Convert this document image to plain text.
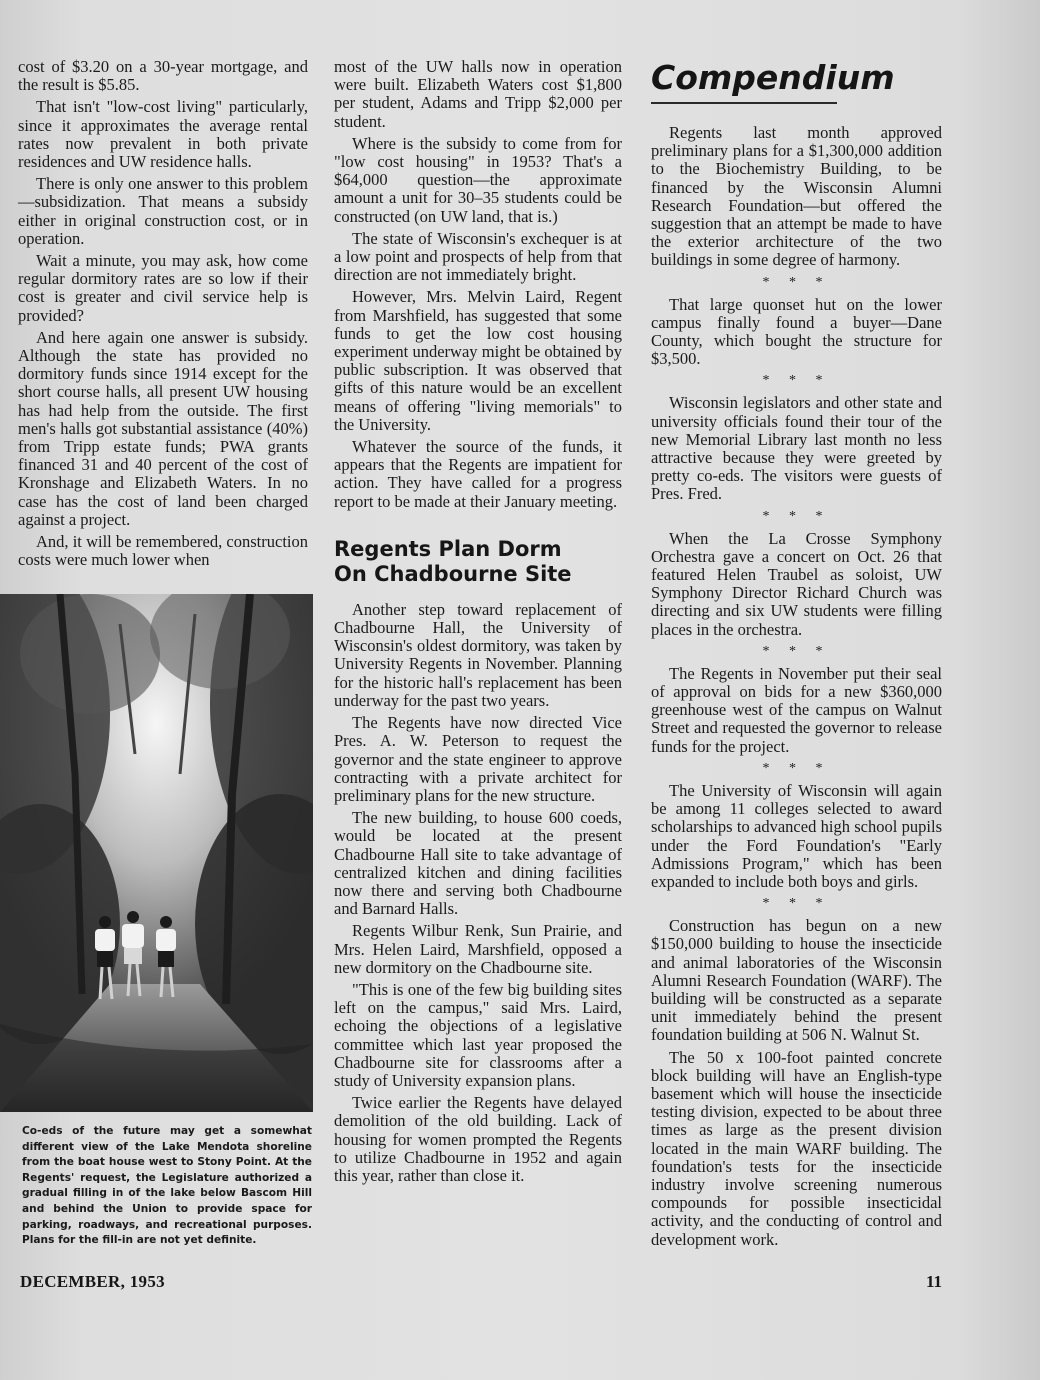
cost of $3.20 on a 30-year mortgage, and the result is $5.85.

That isn't "low-cost living" particularly, since it approximates the average rental rates now prevalent in both private residences and UW residence halls.

There is only one answer to this problem—subsidization. That means a subsidy either in original construction cost, or in operation.

Wait a minute, you may ask, how come regular dormitory rates are so low if their cost is greater and civil service help is provided?

And here again one answer is subsidy. Although the state has provided no dormitory funds since 1914 except for the short course halls, all present UW housing has had help from the outside. The first men's halls got substantial assistance (40%) from Tripp estate funds; PWA grants financed 31 and 40 percent of the cost of Kronshage and Elizabeth Waters. In no case has the cost of land been charged against a project.

And, it will be remembered, construction costs were much lower when

Co-eds of the future may get a somewhat different view of the Lake Mendota shoreline from the boat house west to Stony Point. At the Regents' request, the Legislature authorized a gradual filling in of the lake below Bascom Hill and behind the Union to provide space for parking, roadways, and recreational purposes. Plans for the fill-in are not yet definite.

most of the UW halls now in operation were built. Elizabeth Waters cost $1,800 per student, Adams and Tripp $2,000 per student.

Where is the subsidy to come from for "low cost housing" in 1953? That's a $64,000 question—the approximate amount a unit for 30–35 students could be constructed (on UW land, that is.)

The state of Wisconsin's exchequer is at a low point and prospects of help from that direction are not immediately bright.

However, Mrs. Melvin Laird, Regent from Marshfield, has suggested that some funds to get the low cost housing experiment underway might be obtained by public subscription. It was observed that gifts of this nature would be an excellent means of offering "living memorials" to the University.

Whatever the source of the funds, it appears that the Regents are impatient for action. They have called for a progress report to be made at their January meeting.

Regents Plan Dorm
On Chadbourne Site

Another step toward replacement of Chadbourne Hall, the University of Wisconsin's oldest dormitory, was taken by University Regents in November. Planning for the historic hall's replacement has been underway for the past two years.

The Regents have now directed Vice Pres. A. W. Peterson to request the governor and the state engineer to approve contracting with a private architect for preliminary plans for the new structure.

The new building, to house 600 coeds, would be located at the present Chadbourne Hall site to take advantage of centralized kitchen and dining facilities now there and serving both Chadbourne and Barnard Halls.

Regents Wilbur Renk, Sun Prairie, and Mrs. Helen Laird, Marshfield, opposed a new dormitory on the Chadbourne site.

"This is one of the few big building sites left on the campus," said Mrs. Laird, echoing the objections of a legislative committee which last year proposed the Chadbourne site for classrooms after a study of University expansion plans.

Twice earlier the Regents have delayed demolition of the old building. Lack of housing for women prompted the Regents to utilize Chadbourne in 1952 and again this year, rather than close it.

Compendium

Regents last month approved preliminary plans for a $1,300,000 addition to the Biochemistry Building, to be financed by the Wisconsin Alumni Research Foundation—but offered the suggestion that an attempt be made to have the exterior architecture of the two buildings in some degree of harmony.

* * *

That large quonset hut on the lower campus finally found a buyer—Dane County, which bought the structure for $3,500.

* * *

Wisconsin legislators and other state and university officials found their tour of the new Memorial Library last month no less attractive because they were greeted by pretty co-eds. The visitors were guests of Pres. Fred.

* * *

When the La Crosse Symphony Orchestra gave a concert on Oct. 26 that featured Helen Traubel as soloist, UW Symphony Director Richard Church was directing and six UW students were filling places in the orchestra.

* * *

The Regents in November put their seal of approval on bids for a new $360,000 greenhouse west of the campus on Walnut Street and requested the governor to release funds for the project.

* * *

The University of Wisconsin will again be among 11 colleges selected to award scholarships to advanced high school pupils under the Ford Foundation's "Early Admissions Program," which has been expanded to include both boys and girls.

* * *

Construction has begun on a new $150,000 building to house the insecticide and animal laboratories of the Wisconsin Alumni Research Foundation (WARF). The building will be constructed as a separate unit immediately behind the present foundation building at 506 N. Walnut St.

The 50 x 100-foot painted concrete block building will have an English-type basement which will house the insecticide testing division, expected to be about three times as large as the present division located in the main WARF building. The foundation's tests for the insecticide industry involve screening numerous compounds for possible insecticidal activity, and the conducting of control and development work.

DECEMBER, 1953	11
